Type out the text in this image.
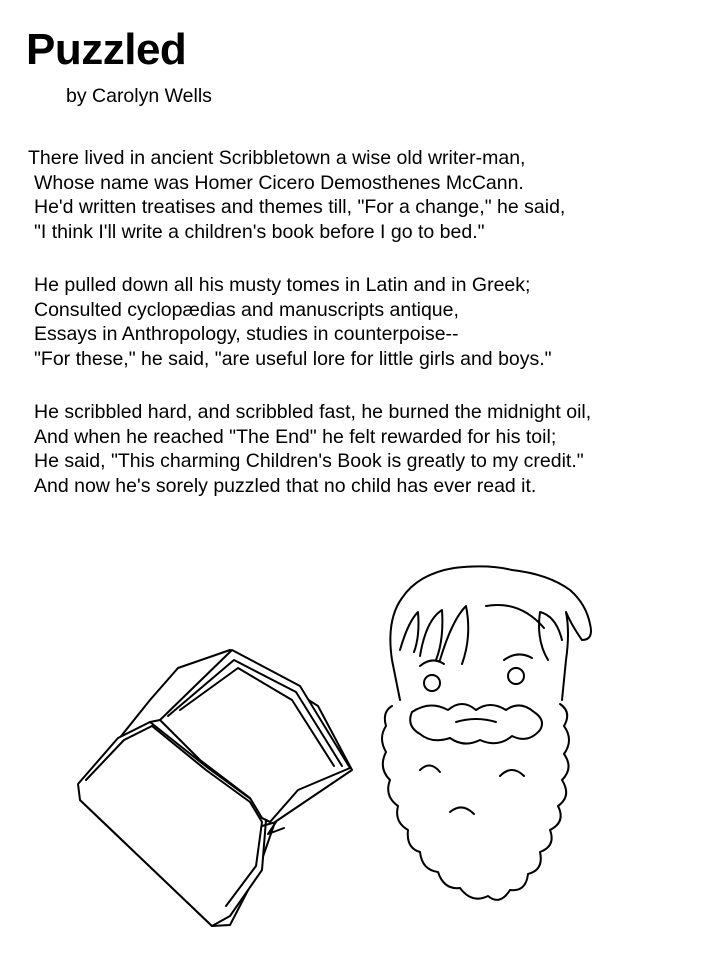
Puzzled
by Carolyn Wells
There lived in ancient Scribbletown a wise old writer-man,
Whose name was Homer Cicero Demosthenes McCann.
He'd written treatises and themes till, "For a change," he said,
"I think I'll write a children's book before I go to bed."
He pulled down all his musty tomes in Latin and in Greek;
Consulted cyclopædias and manuscripts antique,
Essays in Anthropology, studies in counterpoise--
"For these," he said, "are useful lore for little girls and boys."
He scribbled hard, and scribbled fast, he burned the midnight oil,
And when he reached "The End" he felt rewarded for his toil;
He said, "This charming Children's Book is greatly to my credit."
And now he's sorely puzzled that no child has ever read it.
